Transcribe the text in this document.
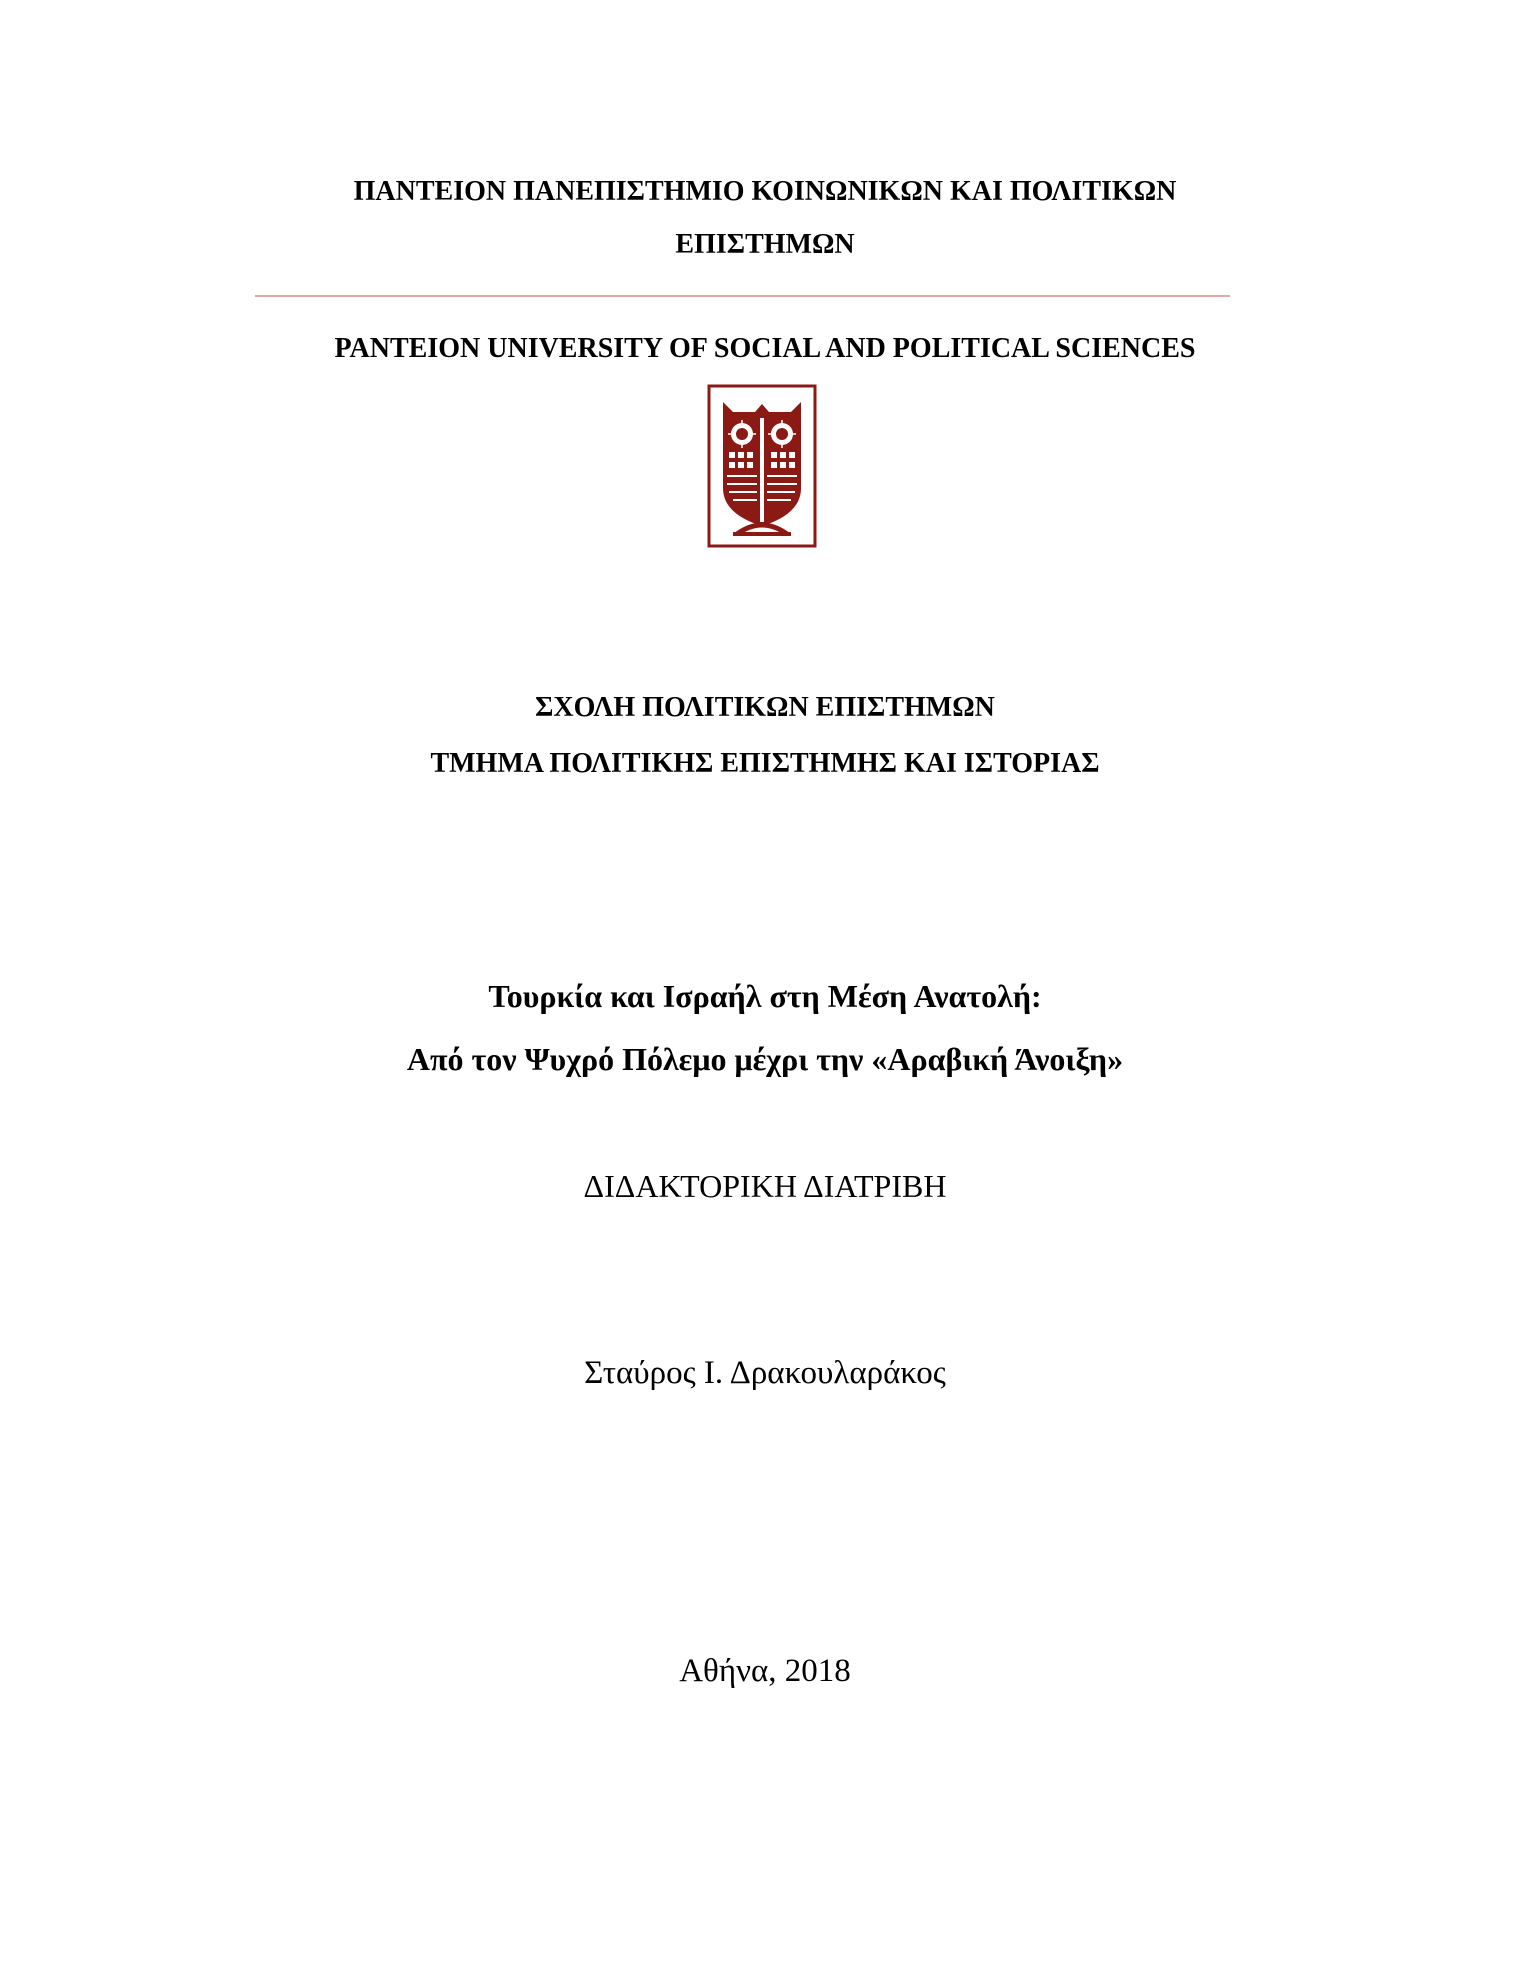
ΠΑΝΤΕΙΟΝ ΠΑΝΕΠΙΣΤΗΜΙΟ ΚΟΙΝΩΝΙΚΩΝ ΚΑΙ ΠΟΛΙΤΙΚΩΝ
ΕΠΙΣΤΗΜΩΝ
PANTEION UNIVERSITY OF SOCIAL AND POLITICAL SCIENCES
ΣΧΟΛΗ ΠΟΛΙΤΙΚΩΝ ΕΠΙΣΤΗΜΩΝ
ΤΜΗΜΑ ΠΟΛΙΤΙΚΗΣ ΕΠΙΣΤΗΜΗΣ ΚΑΙ ΙΣΤΟΡΙΑΣ
Τουρκία και Ισραήλ στη Μέση Ανατολή:
Από τον Ψυχρό Πόλεμο μέχρι την «Αραβική Άνοιξη»
ΔΙΔΑΚΤΟΡΙΚΗ ΔΙΑΤΡΙΒΗ
Σταύρος Ι. Δρακουλαράκος
Αθήνα, 2018
